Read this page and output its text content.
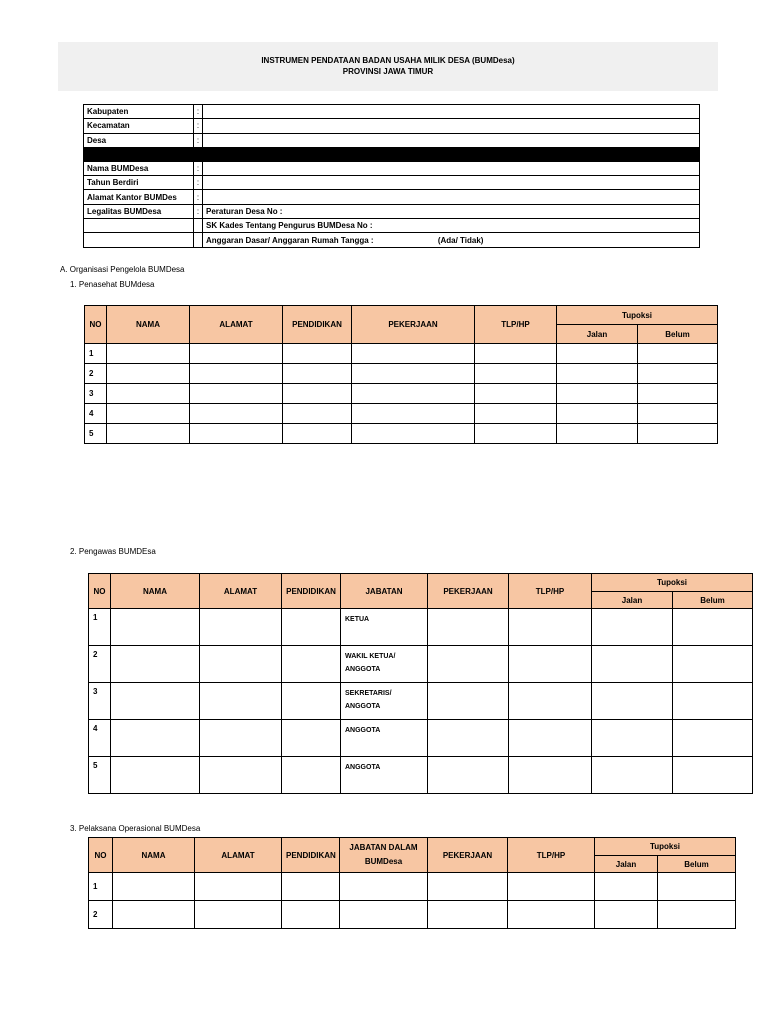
INSTRUMEN PENDATAAN BADAN USAHA MILIK DESA (BUMDesa)
PROVINSI JAWA TIMUR
Kabupaten	:	
Kecamatan	:	
Desa	:	

Nama BUMDesa	:	
Tahun Berdiri	:	
Alamat Kantor BUMDes	:	
Legalitas BUMDesa	:	Peraturan Desa No :
		SK Kades Tentang Pengurus BUMDesa No :
		Anggaran Dasar/ Anggaran Rumah Tangga : (Ada/ Tidak)
A. Organisasi Pengelola BUMDesa
1. Penasehat BUMdesa
NO	NAMA	ALAMAT	PENDIDIKAN	PEKERJAAN	TLP/HP	Tupoksi	
						Jalan	Belum
1							
2							
3							
4							
5							
2. Pengawas BUMDEsa
NO	NAMA	ALAMAT	PENDIDIKAN	JABATAN	PEKERJAAN	TLP/HP	Tupoksi	
							Jalan	Belum
1				KETUA				

2				WAKIL KETUA/
ANGGOTA				

3				SEKRETARIS/
ANGGOTA				

4				ANGGOTA				

5				ANGGOTA				

3. Pelaksana Operasional BUMDesa
NO	NAMA	ALAMAT	PENDIDIKAN	JABATAN DALAM
BUMDesa	PEKERJAAN	TLP/HP	Tupoksi	
							Jalan	Belum
1								
2								
